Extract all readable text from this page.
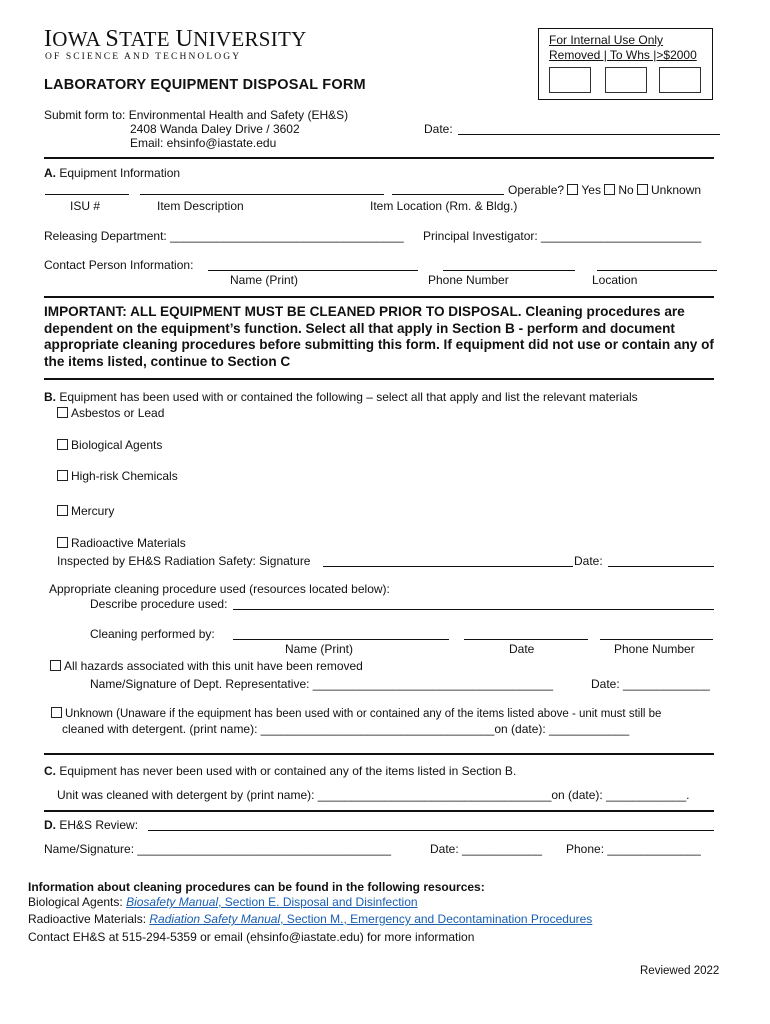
IOWA STATE UNIVERSITY
OF SCIENCE AND TECHNOLOGY
For Internal Use Only
Removed | To Whs |>$2000
LABORATORY EQUIPMENT DISPOSAL FORM
Submit form to: Environmental Health and Safety (EH&S)
2408 Wanda Daley Drive / 3602
Email: ehsinfo@iastate.edu
Date:
A. Equipment Information
Operable? Yes No Unknown
ISU #	Item Description	Item Location (Rm. & Bldg.)
Releasing Department: ___________________________________ Principal Investigator: ________________________
Contact Person Information:
Name (Print)	Phone Number	Location
IMPORTANT: ALL EQUIPMENT MUST BE CLEANED PRIOR TO DISPOSAL. Cleaning procedures are dependent on the equipment’s function. Select all that apply in Section B - perform and document appropriate cleaning procedures before submitting this form. If equipment did not use or contain any of the items listed, continue to Section C
B. Equipment has been used with or contained the following – select all that apply and list the relevant materials
Asbestos or Lead
Biological Agents
High-risk Chemicals
Mercury
Radioactive Materials
Inspected by EH&S Radiation Safety: Signature	Date:
Appropriate cleaning procedure used (resources located below):
Describe procedure used:
Cleaning performed by:
Name (Print)	Date	Phone Number
All hazards associated with this unit have been removed
Name/Signature of Dept. Representative: ____________________________________	Date: _____________
Unknown (Unaware if the equipment has been used with or contained any of the items listed above - unit must still be
cleaned with detergent. (print name): ___________________________________on (date): ____________
C. Equipment has never been used with or contained any of the items listed in Section B.
Unit was cleaned with detergent by (print name): ___________________________________on (date): ____________.
D. EH&S Review:
Name/Signature: ______________________________________	Date: ____________ Phone: ______________
Information about cleaning procedures can be found in the following resources:
Biological Agents: Biosafety Manual, Section E. Disposal and Disinfection
Radioactive Materials: Radiation Safety Manual, Section M., Emergency and Decontamination Procedures
Contact EH&S at 515-294-5359 or email (ehsinfo@iastate.edu) for more information
Reviewed 2022
